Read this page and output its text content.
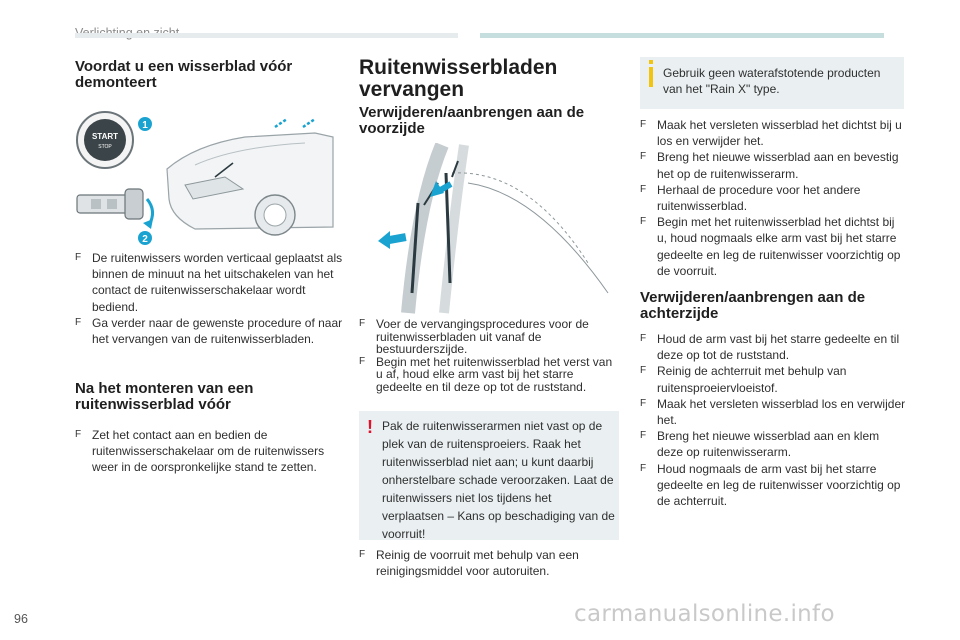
Voordat u een wisserblad vóór demonteert
START
STOP
1
2
F De ruitenwissers worden verticaal geplaatst als binnen de minuut na het uitschakelen van het contact de ruitenwisserschakelaar wordt bediend.
F Ga verder naar de gewenste procedure of naar het vervangen van de ruitenwisserbladen.
Na het monteren van een ruitenwisserblad vóór
F Zet het contact aan en bedien de ruitenwisserschakelaar om de ruitenwissers weer in de oorspronkelijke stand te zetten.
Ruitenwisserbladen vervangen
Verwijderen/aanbrengen aan de voorzijde
F Voer de vervangingsprocedures voor de ruitenwisserbladen uit vanaf de bestuurderszijde.
F Begin met het ruitenwisserblad het verst van u af, houd elke arm vast bij het starre gedeelte en til deze op tot de ruststand.
! Pak de ruitenwisserarmen niet vast op de plek van de ruitensproeiers. Raak het ruitenwisserblad niet aan; u kunt daarbij onherstelbare schade veroorzaken. Laat de ruitenwissers niet los tijdens het verplaatsen – Kans op beschadiging van de voorruit!
F Reinig de voorruit met behulp van een reinigingsmiddel voor autoruiten.
Gebruik geen waterafstotende producten van het "Rain X" type.
F Maak het versleten wisserblad het dichtst bij u los en verwijder het.
F Breng het nieuwe wisserblad aan en bevestig het op de ruitenwisserarm.
F Herhaal de procedure voor het andere ruitenwisserblad.
F Begin met het ruitenwisserblad het dichtst bij u, houd nogmaals elke arm vast bij het starre gedeelte en leg de ruitenwisser voorzichtig op de voorruit.
Verwijderen/aanbrengen aan de achterzijde
F Houd de arm vast bij het starre gedeelte en til deze op tot de ruststand.
F Reinig de achterruit met behulp van ruitensproeiervloeistof.
F Maak het versleten wisserblad los en verwijder het.
F Breng het nieuwe wisserblad aan en klem deze op ruitenwisserarm.
F Houd nogmaals de arm vast bij het starre gedeelte en leg de ruitenwisser voorzichtig op de achterruit.
96	carmanualsonline.info
